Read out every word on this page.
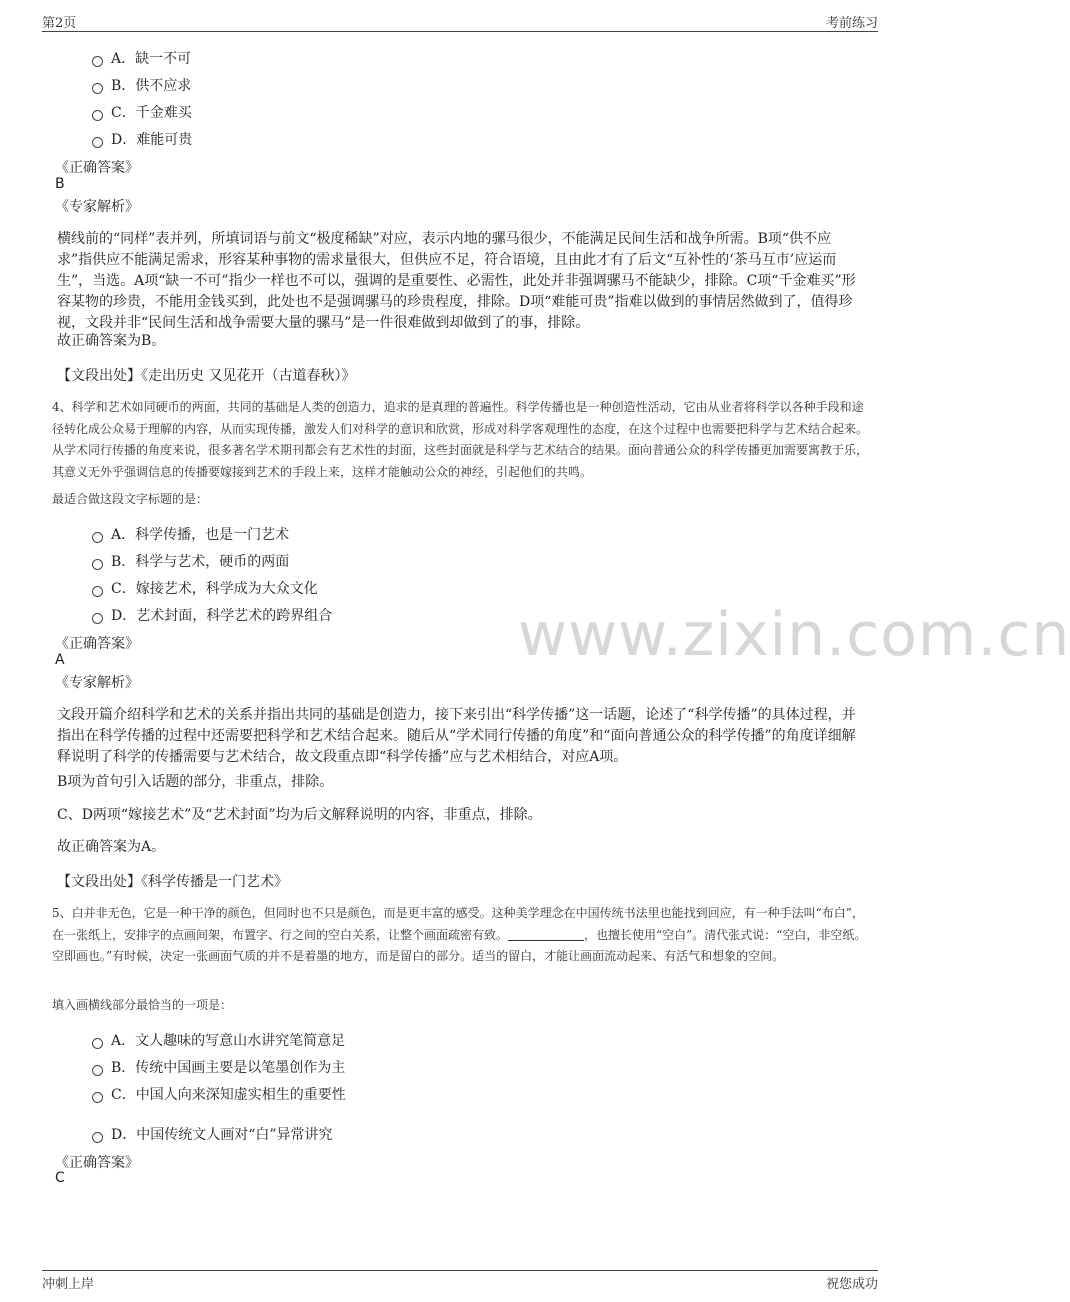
第2页	考前练习
A．缺一不可
B．供不应求
C．千金难买
D．难能可贵
《正确答案》
B
《专家解析》
横线前的“同样”表并列，所填词语与前文“极度稀缺”对应，表示内地的骡马很少，不能满足民间生活和战争所需。B项“供不应求”指供应不能满足需求，形容某种事物的需求量很大，但供应不足，符合语境，且由此才有了后文“互补性的‘茶马互市’应运而生”，当选。A项“缺一不可”指少一样也不可以，强调的是重要性、必需性，此处并非强调骡马不能缺少，排除。C项“千金难买”形容某物的珍贵，不能用金钱买到，此处也不是强调骡马的珍贵程度，排除。D项“难能可贵”指难以做到的事情居然做到了，值得珍视，文段并非“民间生活和战争需要大量的骡马”是一件很难做到却做到了的事，排除。
故正确答案为B。
【文段出处】《走出历史 又见花开（古道春秋）》
4、科学和艺术如同硬币的两面，共同的基础是人类的创造力，追求的是真理的普遍性。科学传播也是一种创造性活动，它由从业者将科学以各种手段和途径转化成公众易于理解的内容，从而实现传播，激发人们对科学的意识和欣赏，形成对科学客观理性的态度，在这个过程中也需要把科学与艺术结合起来。从学术同行传播的角度来说，很多著名学术期刊都会有艺术性的封面，这些封面就是科学与艺术结合的结果。面向普通公众的科学传播更加需要寓教于乐，其意义无外乎强调信息的传播要嫁接到艺术的手段上来，这样才能触动公众的神经，引起他们的共鸣。
最适合做这段文字标题的是：
A．科学传播，也是一门艺术
B．科学与艺术，硬币的两面
C．嫁接艺术，科学成为大众文化
D．艺术封面，科学艺术的跨界组合
《正确答案》
A
《专家解析》
文段开篇介绍科学和艺术的关系并指出共同的基础是创造力，接下来引出“科学传播”这一话题，论述了“科学传播”的具体过程，并指出在科学传播的过程中还需要把科学和艺术结合起来。随后从“学术同行传播的角度”和“面向普通公众的科学传播”的角度详细解释说明了科学的传播需要与艺术结合，故文段重点即“科学传播”应与艺术相结合，对应A项。
B项为首句引入话题的部分，非重点，排除。
C、D两项“嫁接艺术”及“艺术封面”均为后文解释说明的内容，非重点，排除。
故正确答案为A。
【文段出处】《科学传播是一门艺术》
5、白并非无色，它是一种干净的颜色，但同时也不只是颜色，而是更丰富的感受。这种美学理念在中国传统书法里也能找到回应，有一种手法叫“布白”，在一张纸上，安排字的点画间架，布置字、行之间的空白关系，让整个画面疏密有致。	，也擅长使用“空白”。清代张式说：“空白，非空纸。空即画也。”有时候，决定一张画面气质的并不是着墨的地方，而是留白的部分。适当的留白，才能让画面流动起来、有活气和想象的空间。
填入画横线部分最恰当的一项是：
A．文人趣味的写意山水讲究笔简意足
B．传统中国画主要是以笔墨创作为主
C．中国人向来深知虚实相生的重要性
D．中国传统文人画对“白”异常讲究
《正确答案》
C
www.zixin.com.cn
冲刺上岸	祝您成功
